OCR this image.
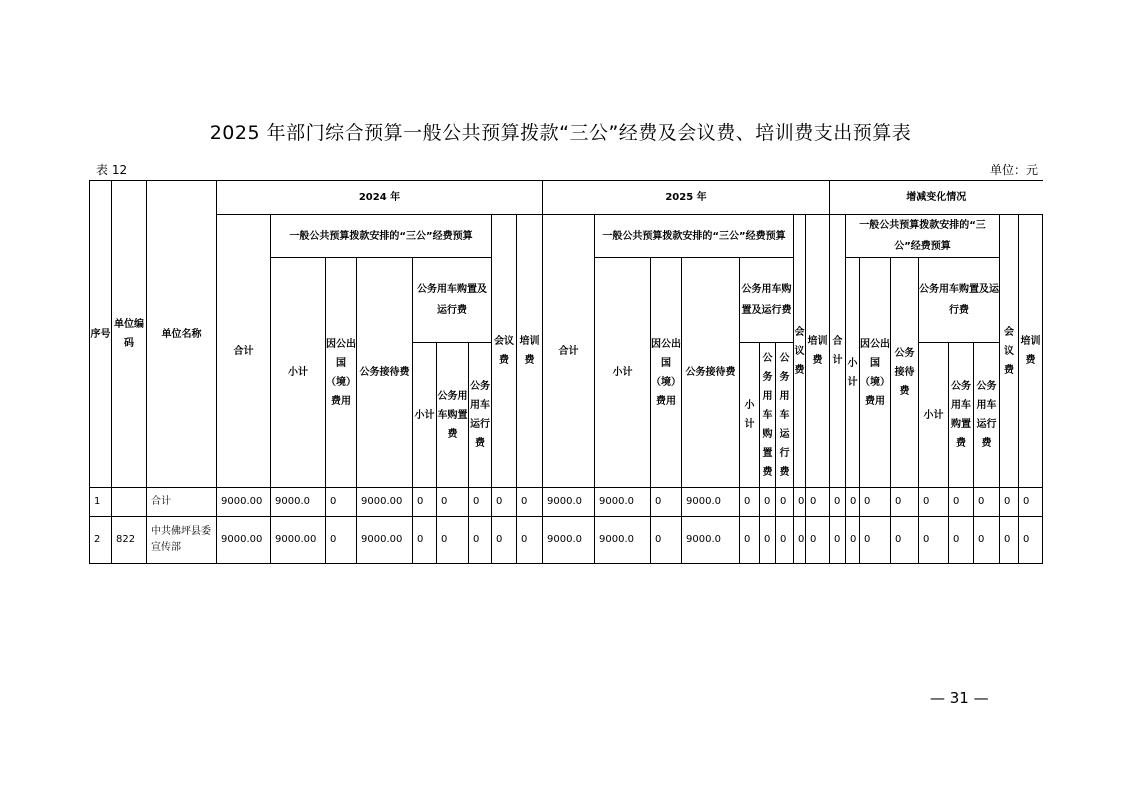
2025 年部门综合预算一般公共预算拨款“三公”经费及会议费、培训费支出预算表
表 12	单位：元
序号	单位编码	单位名称	2024 年									2025 年									增减变化情况								
			合计	一般公共预算拨款安排的“三公”经费预算						会议费	培训费	合计	一般公共预算拨款安排的“三公”经费预算						会议费	培训费	合计	一般公共预算拨款安排的“三公”经费预算						会议费	培训费
				小计	因公出国（境）费用	公务接待费	公务用车购置及运行费						小计	因公出国（境）费用	公务接待费	公务用车购置及运行费						小计	因公出国（境）费用	公务接待费	公务用车购置及运行费				
							小计	公务用车购置费	公务用车运行费							小计	公务用车购置费	公务用车运行费							小计	公务用车购置费	公务用车运行费		
1		合计	9000.00	9000.0	0	9000.00	0	0	0	0	0	9000.0	9000.0	0	9000.0	0	0	0	0	0	0	0	0	0	0	0	0	0	0
2	822	中共佛坪县委宣传部	9000.00	9000.00	0	9000.00	0	0	0	0	0	9000.0	9000.0	0	9000.0	0	0	0	0	0	0	0	0	0	0	0	0	0	0
— 31 —
